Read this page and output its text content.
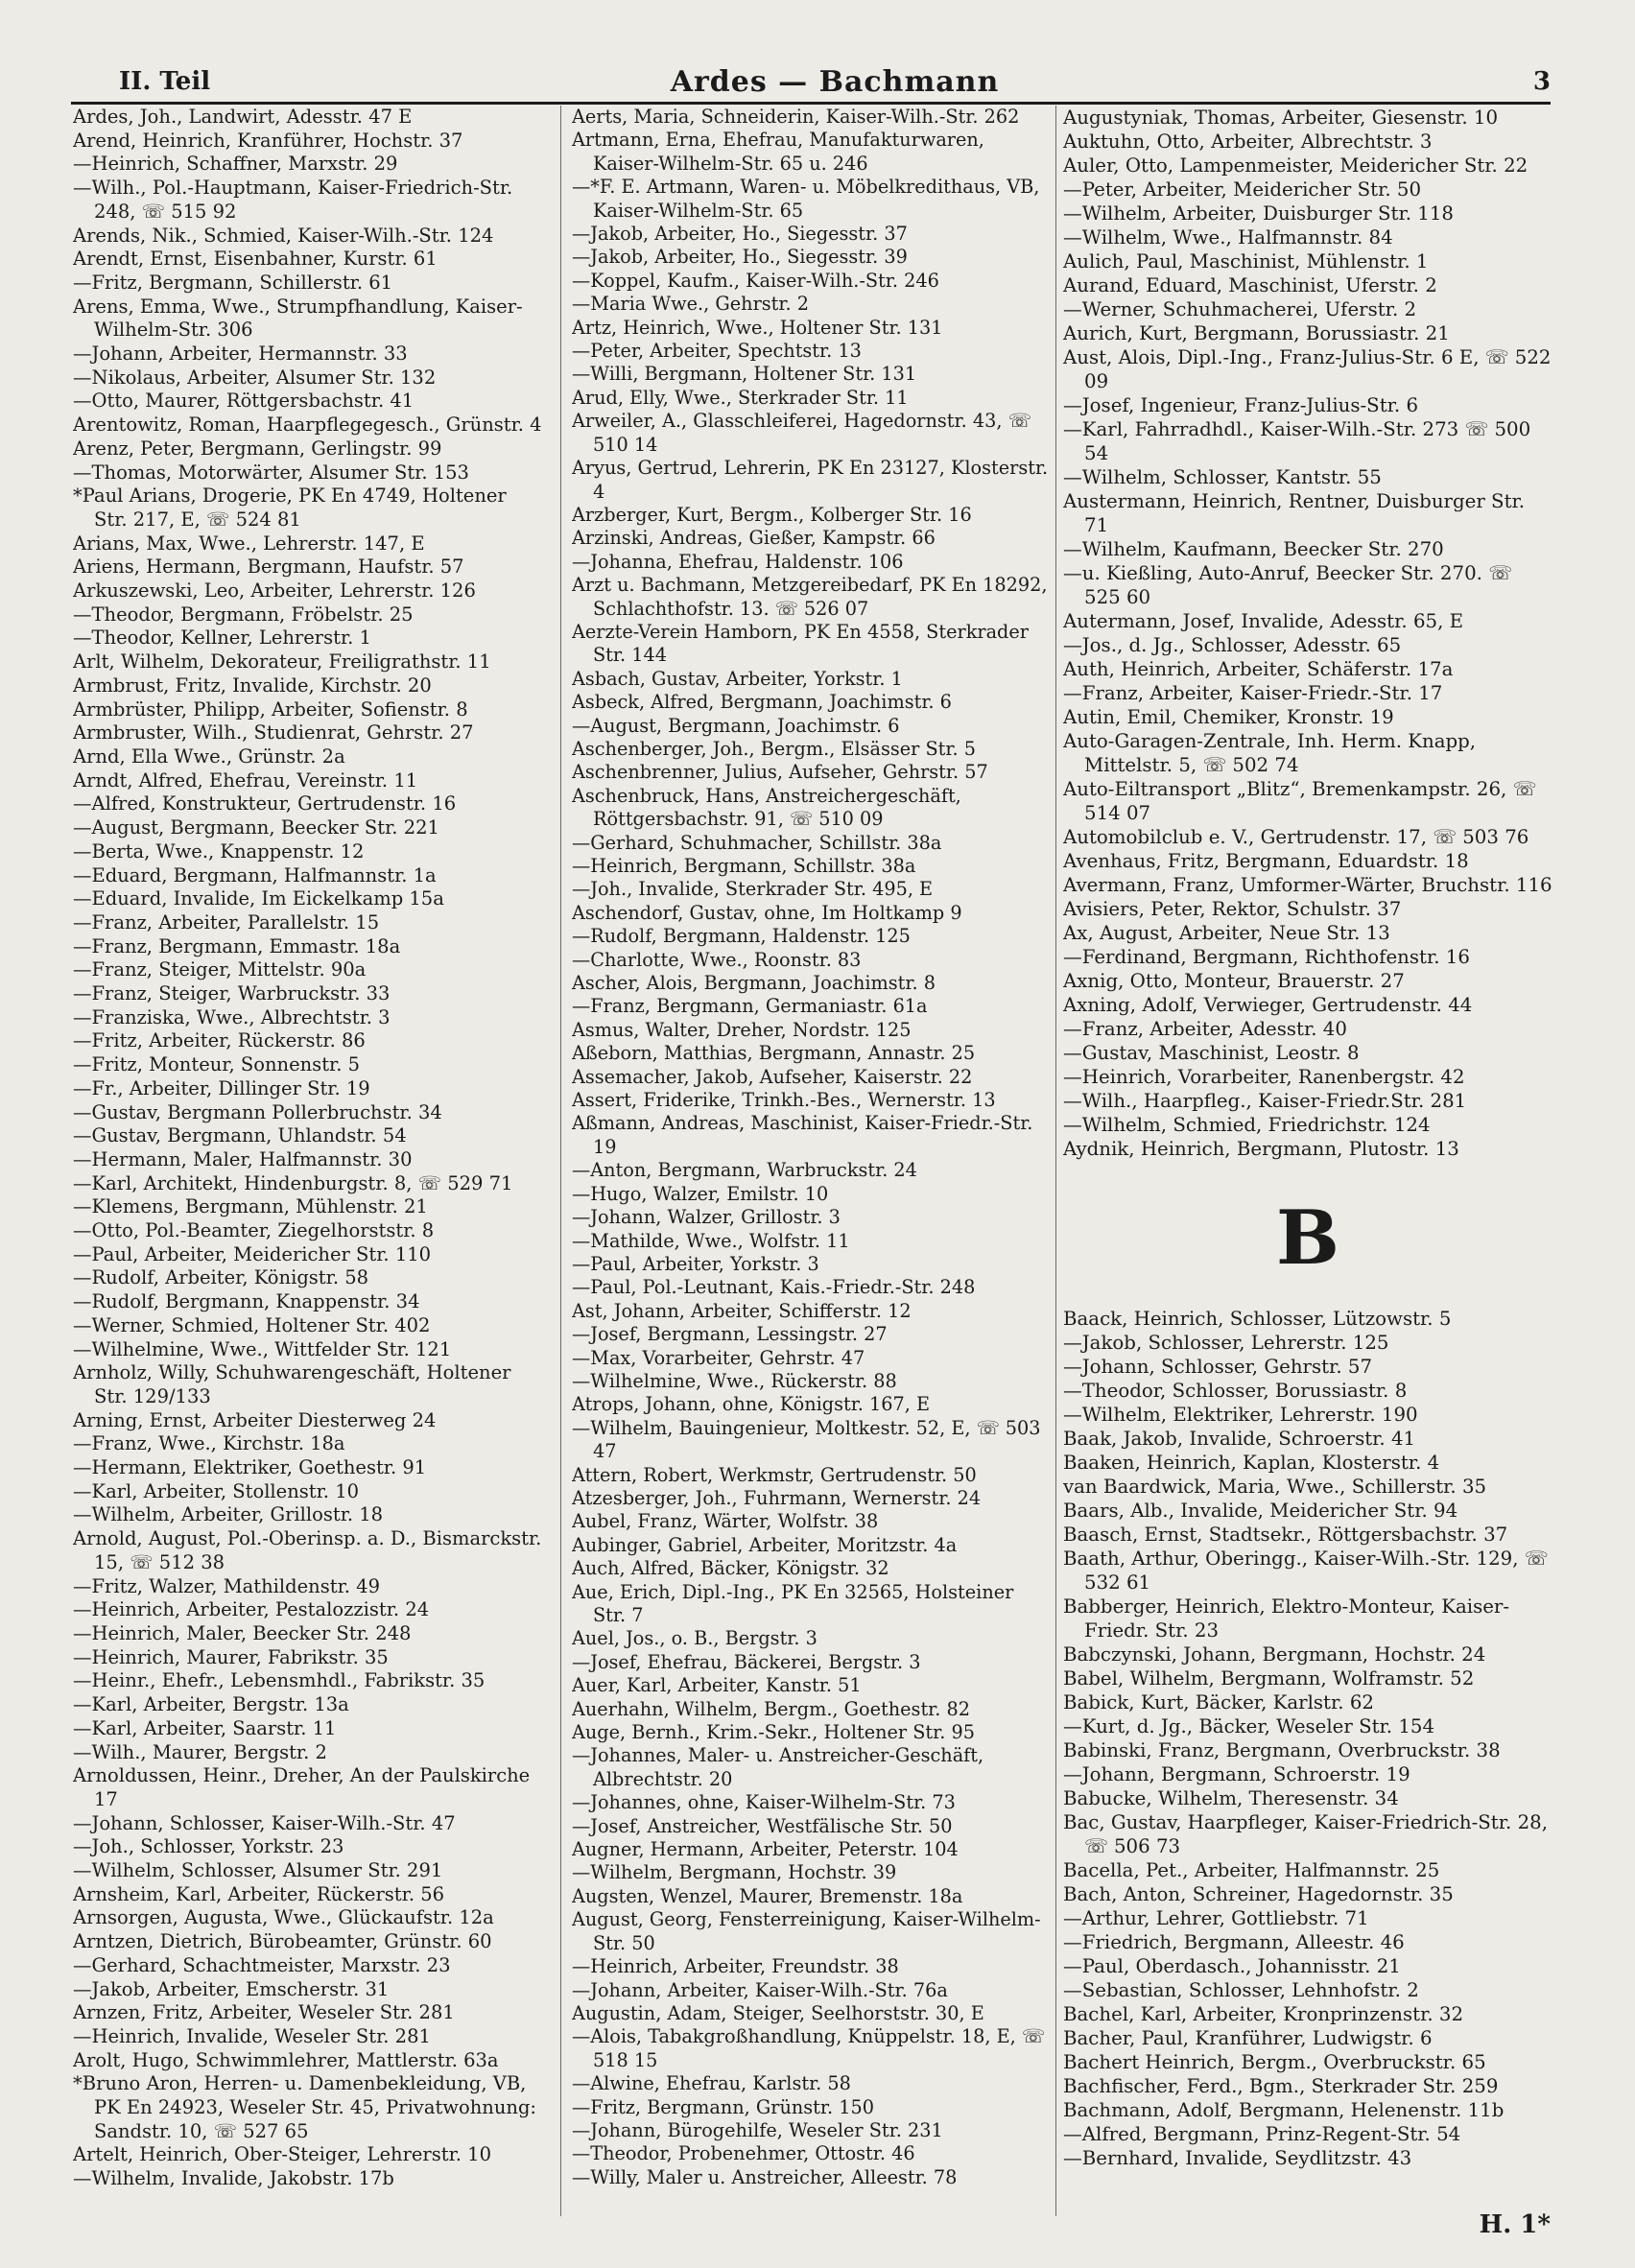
II. Teil	Ardes — Bachmann	3

Ardes, Joh., Landwirt, Adesstr. 47 E

Arend, Heinrich, Kranführer, Hochstr. 37

—Heinrich, Schaffner, Marxstr. 29

—Wilh., Pol.-Hauptmann, Kaiser-Friedrich-Str. 248, ☏ 515 92

Arends, Nik., Schmied, Kaiser-Wilh.-Str. 124

Arendt, Ernst, Eisenbahner, Kurstr. 61

—Fritz, Bergmann, Schillerstr. 61

Arens, Emma, Wwe., Strumpfhandlung, Kaiser-Wilhelm-Str. 306

—Johann, Arbeiter, Hermannstr. 33

—Nikolaus, Arbeiter, Alsumer Str. 132

—Otto, Maurer, Röttgersbachstr. 41

Arentowitz, Roman, Haarpflegegesch., Grünstr. 4

Arenz, Peter, Bergmann, Gerlingstr. 99

—Thomas, Motorwärter, Alsumer Str. 153

*Paul Arians, Drogerie, PK En 4749, Holtener Str. 217, E, ☏ 524 81

Arians, Max, Wwe., Lehrerstr. 147, E

Ariens, Hermann, Bergmann, Haufstr. 57

Arkuszewski, Leo, Arbeiter, Lehrerstr. 126

—Theodor, Bergmann, Fröbelstr. 25

—Theodor, Kellner, Lehrerstr. 1

Arlt, Wilhelm, Dekorateur, Freiligrathstr. 11

Armbrust, Fritz, Invalide, Kirchstr. 20

Armbrüster, Philipp, Arbeiter, Sofienstr. 8

Armbruster, Wilh., Studienrat, Gehrstr. 27

Arnd, Ella Wwe., Grünstr. 2a

Arndt, Alfred, Ehefrau, Vereinstr. 11

—Alfred, Konstrukteur, Gertrudenstr. 16

—August, Bergmann, Beecker Str. 221

—Berta, Wwe., Knappenstr. 12

—Eduard, Bergmann, Halfmannstr. 1a

—Eduard, Invalide, Im Eickelkamp 15a

—Franz, Arbeiter, Parallelstr. 15

—Franz, Bergmann, Emmastr. 18a

—Franz, Steiger, Mittelstr. 90a

—Franz, Steiger, Warbruckstr. 33

—Franziska, Wwe., Albrechtstr. 3

—Fritz, Arbeiter, Rückerstr. 86

—Fritz, Monteur, Sonnenstr. 5

—Fr., Arbeiter, Dillinger Str. 19

—Gustav, Bergmann Pollerbruchstr. 34

—Gustav, Bergmann, Uhlandstr. 54

—Hermann, Maler, Halfmannstr. 30

—Karl, Architekt, Hindenburgstr. 8, ☏ 529 71

—Klemens, Bergmann, Mühlenstr. 21

—Otto, Pol.-Beamter, Ziegelhorststr. 8

—Paul, Arbeiter, Meidericher Str. 110

—Rudolf, Arbeiter, Königstr. 58

—Rudolf, Bergmann, Knappenstr. 34

—Werner, Schmied, Holtener Str. 402

—Wilhelmine, Wwe., Wittfelder Str. 121

Arnholz, Willy, Schuhwarengeschäft, Holtener Str. 129/133

Arning, Ernst, Arbeiter Diesterweg 24

—Franz, Wwe., Kirchstr. 18a

—Hermann, Elektriker, Goethestr. 91

—Karl, Arbeiter, Stollenstr. 10

—Wilhelm, Arbeiter, Grillostr. 18

Arnold, August, Pol.-Oberinsp. a. D., Bismarckstr. 15, ☏ 512 38

—Fritz, Walzer, Mathildenstr. 49

—Heinrich, Arbeiter, Pestalozzistr. 24

—Heinrich, Maler, Beecker Str. 248

—Heinrich, Maurer, Fabrikstr. 35

—Heinr., Ehefr., Lebensmhdl., Fabrikstr. 35

—Karl, Arbeiter, Bergstr. 13a

—Karl, Arbeiter, Saarstr. 11

—Wilh., Maurer, Bergstr. 2

Arnoldussen, Heinr., Dreher, An der Paulskirche 17

—Johann, Schlosser, Kaiser-Wilh.-Str. 47

—Joh., Schlosser, Yorkstr. 23

—Wilhelm, Schlosser, Alsumer Str. 291

Arnsheim, Karl, Arbeiter, Rückerstr. 56

Arnsorgen, Augusta, Wwe., Glückaufstr. 12a

Arntzen, Dietrich, Bürobeamter, Grünstr. 60

—Gerhard, Schachtmeister, Marxstr. 23

—Jakob, Arbeiter, Emscherstr. 31

Arnzen, Fritz, Arbeiter, Weseler Str. 281

—Heinrich, Invalide, Weseler Str. 281

Arolt, Hugo, Schwimmlehrer, Mattlerstr. 63a

*Bruno Aron, Herren- u. Damenbekleidung, VB, PK En 24923, Weseler Str. 45, Privatwohnung: Sandstr. 10, ☏ 527 65

Artelt, Heinrich, Ober-Steiger, Lehrerstr. 10

—Wilhelm, Invalide, Jakobstr. 17b

Aerts, Maria, Schneiderin, Kaiser-Wilh.-Str. 262

Artmann, Erna, Ehefrau, Manufakturwaren, Kaiser-Wilhelm-Str. 65 u. 246

—*F. E. Artmann, Waren- u. Möbelkredithaus, VB, Kaiser-Wilhelm-Str. 65

—Jakob, Arbeiter, Ho., Siegesstr. 37

—Jakob, Arbeiter, Ho., Siegesstr. 39

—Koppel, Kaufm., Kaiser-Wilh.-Str. 246

—Maria Wwe., Gehrstr. 2

Artz, Heinrich, Wwe., Holtener Str. 131

—Peter, Arbeiter, Spechtstr. 13

—Willi, Bergmann, Holtener Str. 131

Arud, Elly, Wwe., Sterkrader Str. 11

Arweiler, A., Glasschleiferei, Hagedornstr. 43, ☏ 510 14

Aryus, Gertrud, Lehrerin, PK En 23127, Klosterstr. 4

Arzberger, Kurt, Bergm., Kolberger Str. 16

Arzinski, Andreas, Gießer, Kampstr. 66

—Johanna, Ehefrau, Haldenstr. 106

Arzt u. Bachmann, Metzgereibedarf, PK En 18292, Schlachthofstr. 13. ☏ 526 07

Aerzte-Verein Hamborn, PK En 4558, Sterkrader Str. 144

Asbach, Gustav, Arbeiter, Yorkstr. 1

Asbeck, Alfred, Bergmann, Joachimstr. 6

—August, Bergmann, Joachimstr. 6

Aschenberger, Joh., Bergm., Elsässer Str. 5

Aschenbrenner, Julius, Aufseher, Gehrstr. 57

Aschenbruck, Hans, Anstreichergeschäft, Röttgersbachstr. 91, ☏ 510 09

—Gerhard, Schuhmacher, Schillstr. 38a

—Heinrich, Bergmann, Schillstr. 38a

—Joh., Invalide, Sterkrader Str. 495, E

Aschendorf, Gustav, ohne, Im Holtkamp 9

—Rudolf, Bergmann, Haldenstr. 125

—Charlotte, Wwe., Roonstr. 83

Ascher, Alois, Bergmann, Joachimstr. 8

—Franz, Bergmann, Germaniastr. 61a

Asmus, Walter, Dreher, Nordstr. 125

Aßeborn, Matthias, Bergmann, Annastr. 25

Assemacher, Jakob, Aufseher, Kaiserstr. 22

Assert, Friderike, Trinkh.-Bes., Wernerstr. 13

Aßmann, Andreas, Maschinist, Kaiser-Friedr.-Str. 19

—Anton, Bergmann, Warbruckstr. 24

—Hugo, Walzer, Emilstr. 10

—Johann, Walzer, Grillostr. 3

—Mathilde, Wwe., Wolfstr. 11

—Paul, Arbeiter, Yorkstr. 3

—Paul, Pol.-Leutnant, Kais.-Friedr.-Str. 248

Ast, Johann, Arbeiter, Schifferstr. 12

—Josef, Bergmann, Lessingstr. 27

—Max, Vorarbeiter, Gehrstr. 47

—Wilhelmine, Wwe., Rückerstr. 88

Atrops, Johann, ohne, Königstr. 167, E

—Wilhelm, Bauingenieur, Moltkestr. 52, E, ☏ 503 47

Attern, Robert, Werkmstr, Gertrudenstr. 50

Atzesberger, Joh., Fuhrmann, Wernerstr. 24

Aubel, Franz, Wärter, Wolfstr. 38

Aubinger, Gabriel, Arbeiter, Moritzstr. 4a

Auch, Alfred, Bäcker, Königstr. 32

Aue, Erich, Dipl.-Ing., PK En 32565, Holsteiner Str. 7

Auel, Jos., o. B., Bergstr. 3

—Josef, Ehefrau, Bäckerei, Bergstr. 3

Auer, Karl, Arbeiter, Kanstr. 51

Auerhahn, Wilhelm, Bergm., Goethestr. 82

Auge, Bernh., Krim.-Sekr., Holtener Str. 95

—Johannes, Maler- u. Anstreicher-Geschäft, Albrechtstr. 20

—Johannes, ohne, Kaiser-Wilhelm-Str. 73

—Josef, Anstreicher, Westfälische Str. 50

Augner, Hermann, Arbeiter, Peterstr. 104

—Wilhelm, Bergmann, Hochstr. 39

Augsten, Wenzel, Maurer, Bremenstr. 18a

August, Georg, Fensterreinigung, Kaiser-Wilhelm-Str. 50

—Heinrich, Arbeiter, Freundstr. 38

—Johann, Arbeiter, Kaiser-Wilh.-Str. 76a

Augustin, Adam, Steiger, Seelhorststr. 30, E

—Alois, Tabakgroßhandlung, Knüppelstr. 18, E, ☏ 518 15

—Alwine, Ehefrau, Karlstr. 58

—Fritz, Bergmann, Grünstr. 150

—Johann, Bürogehilfe, Weseler Str. 231

—Theodor, Probenehmer, Ottostr. 46

—Willy, Maler u. Anstreicher, Alleestr. 78

Augustyniak, Thomas, Arbeiter, Giesenstr. 10

Auktuhn, Otto, Arbeiter, Albrechtstr. 3

Auler, Otto, Lampenmeister, Meidericher Str. 22

—Peter, Arbeiter, Meidericher Str. 50

—Wilhelm, Arbeiter, Duisburger Str. 118

—Wilhelm, Wwe., Halfmannstr. 84

Aulich, Paul, Maschinist, Mühlenstr. 1

Aurand, Eduard, Maschinist, Uferstr. 2

—Werner, Schuhmacherei, Uferstr. 2

Aurich, Kurt, Bergmann, Borussiastr. 21

Aust, Alois, Dipl.-Ing., Franz-Julius-Str. 6 E, ☏ 522 09

—Josef, Ingenieur, Franz-Julius-Str. 6

—Karl, Fahrradhdl., Kaiser-Wilh.-Str. 273 ☏ 500 54

—Wilhelm, Schlosser, Kantstr. 55

Austermann, Heinrich, Rentner, Duisburger Str. 71

—Wilhelm, Kaufmann, Beecker Str. 270

—u. Kießling, Auto-Anruf, Beecker Str. 270. ☏ 525 60

Autermann, Josef, Invalide, Adesstr. 65, E

—Jos., d. Jg., Schlosser, Adesstr. 65

Auth, Heinrich, Arbeiter, Schäferstr. 17a

—Franz, Arbeiter, Kaiser-Friedr.-Str. 17

Autin, Emil, Chemiker, Kronstr. 19

Auto-Garagen-Zentrale, Inh. Herm. Knapp, Mittelstr. 5, ☏ 502 74

Auto-Eiltransport „Blitz“, Bremenkampstr. 26, ☏ 514 07

Automobilclub e. V., Gertrudenstr. 17, ☏ 503 76

Avenhaus, Fritz, Bergmann, Eduardstr. 18

Avermann, Franz, Umformer-Wärter, Bruchstr. 116

Avisiers, Peter, Rektor, Schulstr. 37

Ax, August, Arbeiter, Neue Str. 13

—Ferdinand, Bergmann, Richthofenstr. 16

Axnig, Otto, Monteur, Brauerstr. 27

Axning, Adolf, Verwieger, Gertrudenstr. 44

—Franz, Arbeiter, Adesstr. 40

—Gustav, Maschinist, Leostr. 8

—Heinrich, Vorarbeiter, Ranenbergstr. 42

—Wilh., Haarpfleg., Kaiser-Friedr.Str. 281

—Wilhelm, Schmied, Friedrichstr. 124

Aydnik, Heinrich, Bergmann, Plutostr. 13

B

Baack, Heinrich, Schlosser, Lützowstr. 5

—Jakob, Schlosser, Lehrerstr. 125

—Johann, Schlosser, Gehrstr. 57

—Theodor, Schlosser, Borussiastr. 8

—Wilhelm, Elektriker, Lehrerstr. 190

Baak, Jakob, Invalide, Schroerstr. 41

Baaken, Heinrich, Kaplan, Klosterstr. 4

van Baardwick, Maria, Wwe., Schillerstr. 35

Baars, Alb., Invalide, Meidericher Str. 94

Baasch, Ernst, Stadtsekr., Röttgersbachstr. 37

Baath, Arthur, Oberingg., Kaiser-Wilh.-Str. 129, ☏ 532 61

Babberger, Heinrich, Elektro-Monteur, Kaiser-Friedr. Str. 23

Babczynski, Johann, Bergmann, Hochstr. 24

Babel, Wilhelm, Bergmann, Wolframstr. 52

Babick, Kurt, Bäcker, Karlstr. 62

—Kurt, d. Jg., Bäcker, Weseler Str. 154

Babinski, Franz, Bergmann, Overbruckstr. 38

—Johann, Bergmann, Schroerstr. 19

Babucke, Wilhelm, Theresenstr. 34

Bac, Gustav, Haarpfleger, Kaiser-Friedrich-Str. 28, ☏ 506 73

Bacella, Pet., Arbeiter, Halfmannstr. 25

Bach, Anton, Schreiner, Hagedornstr. 35

—Arthur, Lehrer, Gottliebstr. 71

—Friedrich, Bergmann, Alleestr. 46

—Paul, Oberdasch., Johannisstr. 21

—Sebastian, Schlosser, Lehnhofstr. 2

Bachel, Karl, Arbeiter, Kronprinzenstr. 32

Bacher, Paul, Kranführer, Ludwigstr. 6

Bachert Heinrich, Bergm., Overbruckstr. 65

Bachfischer, Ferd., Bgm., Sterkrader Str. 259

Bachmann, Adolf, Bergmann, Helenenstr. 11b

—Alfred, Bergmann, Prinz-Regent-Str. 54

—Bernhard, Invalide, Seydlitzstr. 43

H. 1*
